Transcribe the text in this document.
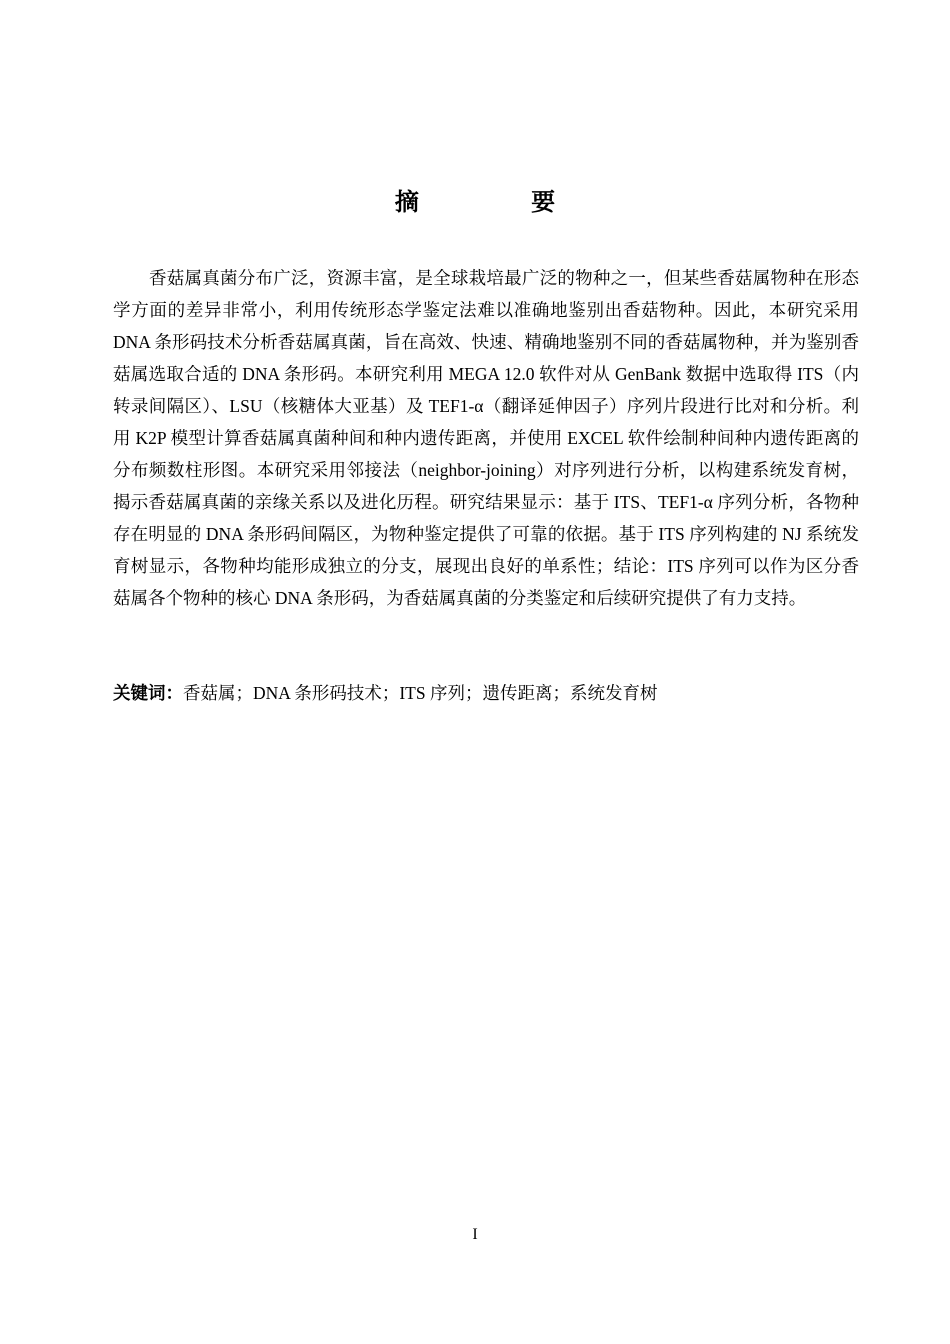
摘 要

香菇属真菌分布广泛，资源丰富，是全球栽培最广泛的物种之一，但某些香菇属物种在形态学方面的差异非常小，利用传统形态学鉴定法难以准确地鉴别出香菇物种。因此，本研究采用 DNA 条形码技术分析香菇属真菌，旨在高效、快速、精确地鉴别不同的香菇属物种，并为鉴别香菇属选取合适的 DNA 条形码。本研究利用 MEGA 12.0 软件对从 GenBank 数据中选取得 ITS（内转录间隔区）、LSU（核糖体大亚基）及 TEF1-α（翻译延伸因子）序列片段进行比对和分析。利用 K2P 模型计算香菇属真菌种间和种内遗传距离，并使用 EXCEL 软件绘制种间种内遗传距离的分布频数柱形图。本研究采用邻接法（neighbor-joining）对序列进行分析，以构建系统发育树，揭示香菇属真菌的亲缘关系以及进化历程。研究结果显示：基于 ITS、TEF1-α 序列分析，各物种存在明显的 DNA 条形码间隔区，为物种鉴定提供了可靠的依据。基于 ITS 序列构建的 NJ 系统发育树显示，各物种均能形成独立的分支，展现出良好的单系性；结论：ITS 序列可以作为区分香菇属各个物种的核心 DNA 条形码，为香菇属真菌的分类鉴定和后续研究提供了有力支持。

关键词：香菇属；DNA 条形码技术；ITS 序列；遗传距离；系统发育树
I
